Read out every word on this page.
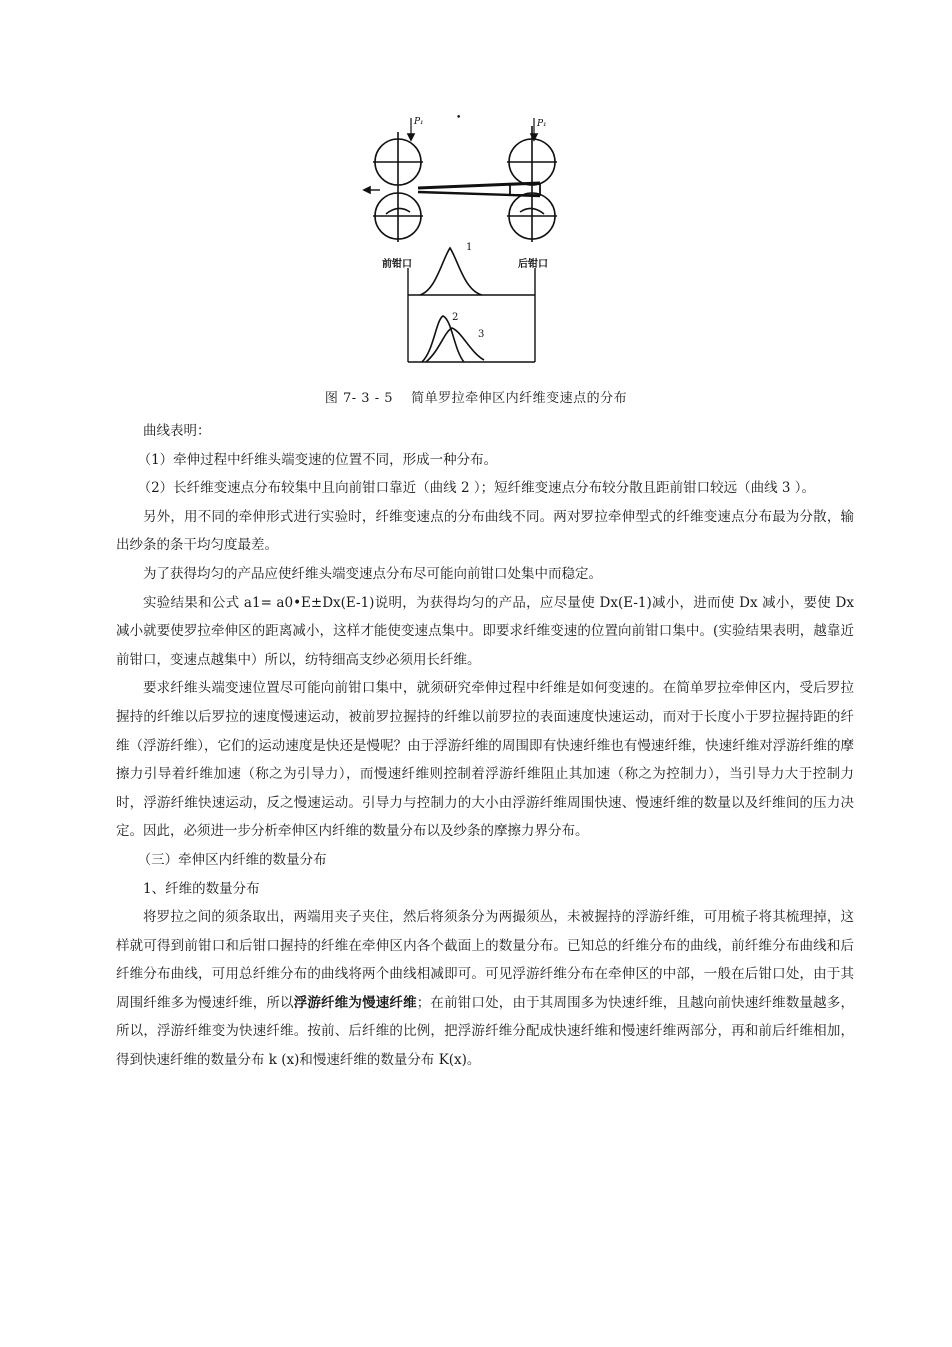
P₁	P₁
•
前钳口	后钳口
1
2
3
图 7- 3 - 5　 简单罗拉牵伸区内纤维变速点的分布

曲线表明：

（1）牵伸过程中纤维头端变速的位置不同，形成一种分布。

（2）长纤维变速点分布较集中且向前钳口靠近（曲线 2 ）；短纤维变速点分布较分散且距前钳口较远（曲线 3 ）。

另外，用不同的牵伸形式进行实验时，纤维变速点的分布曲线不同。两对罗拉牵伸型式的纤维变速点分布最为分散，输出纱条的条干均匀度最差。

为了获得均匀的产品应使纤维头端变速点分布尽可能向前钳口处集中而稳定。

实验结果和公式 a1= a0•E±Dx(E-1)说明，为获得均匀的产品，应尽量使 Dx(E-1)减小，进而使 Dx 减小，要使 Dx 减小就要使罗拉牵伸区的距离减小，这样才能使变速点集中。即要求纤维变速的位置向前钳口集中。(实验结果表明，越靠近前钳口，变速点越集中）所以，纺特细高支纱必须用长纤维。

要求纤维头端变速位置尽可能向前钳口集中，就须研究牵伸过程中纤维是如何变速的。在简单罗拉牵伸区内，受后罗拉握持的纤维以后罗拉的速度慢速运动，被前罗拉握持的纤维以前罗拉的表面速度快速运动，而对于长度小于罗拉握持距的纤维（浮游纤维），它们的运动速度是快还是慢呢？由于浮游纤维的周围即有快速纤维也有慢速纤维，快速纤维对浮游纤维的摩擦力引导着纤维加速（称之为引导力），而慢速纤维则控制着浮游纤维阻止其加速（称之为控制力），当引导力大于控制力时，浮游纤维快速运动，反之慢速运动。引导力与控制力的大小由浮游纤维周围快速、慢速纤维的数量以及纤维间的压力决定。因此，必须进一步分析牵伸区内纤维的数量分布以及纱条的摩擦力界分布。

（三）牵伸区内纤维的数量分布

1、纤维的数量分布

将罗拉之间的须条取出，两端用夹子夹住，然后将须条分为两撮须丛，未被握持的浮游纤维，可用梳子将其梳理掉，这样就可得到前钳口和后钳口握持的纤维在牵伸区内各个截面上的数量分布。已知总的纤维分布的曲线，前纤维分布曲线和后纤维分布曲线，可用总纤维分布的曲线将两个曲线相减即可。可见浮游纤维分布在牵伸区的中部，一般在后钳口处，由于其周围纤维多为慢速纤维，所以浮游纤维为慢速纤维；在前钳口处，由于其周围多为快速纤维，且越向前快速纤维数量越多，所以，浮游纤维变为快速纤维。按前、后纤维的比例，把浮游纤维分配成快速纤维和慢速纤维两部分，再和前后纤维相加，得到快速纤维的数量分布 k (x)和慢速纤维的数量分布 K(x)。
